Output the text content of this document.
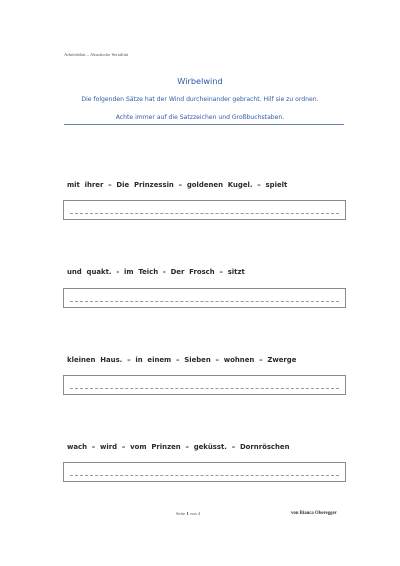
Arbeitsblatt – Akustische Serialität
Wirbelwind
Die folgenden Sätze hat der Wind durcheinander gebracht. Hilf sie zu ordnen.
Achte immer auf die Satzzeichen und Großbuchstaben.
mit  ihrer  –  Die  Prinzessin  –  goldenen  Kugel.  –  spielt
und  quakt.  -  im  Teich  -  Der  Frosch  –  sitzt
kleinen  Haus.  –  in  einem  –  Sieben  –  wohnen  –  Zwerge
wach  –  wird  –  vom  Prinzen  –  geküsst.  –  Dornröschen
Seite 1 von 4	von Bianca Oberegger
